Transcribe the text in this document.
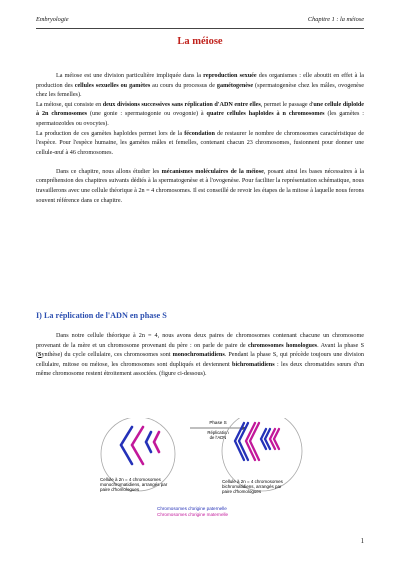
Embryologie	Chapitre 1 : la méiose
La méiose

La méiose est une division particulière impliquée dans la reproduction sexuée des organismes : elle aboutit en effet à la production des cellules sexuelles ou gamètes au cours du processus de gamétogenèse (spermatogenèse chez les mâles, ovogenèse chez les femelles).

La méiose, qui consiste en deux divisions successives sans réplication d'ADN entre elles, permet le passage d'une cellule diploïde à 2n chromosomes (une gonie : spermatogonie ou ovogonie) à quatre cellules haploïdes à n chromosomes (les gamètes : spermatozoïdes ou ovocytes).

La production de ces gamètes haploïdes permet lors de la fécondation de restaurer le nombre de chromosomes caractéristique de l'espèce. Pour l'espèce humaine, les gamètes mâles et femelles, contenant chacun 23 chromosomes, fusionnent pour donner une cellule-œuf à 46 chromosomes.

Dans ce chapitre, nous allons étudier les mécanismes moléculaires de la méiose, posant ainsi les bases nécessaires à la compréhension des chapitres suivants dédiés à la spermatogenèse et à l'ovogenèse. Pour faciliter la représentation schématique, nous travaillerons avec une cellule théorique à 2n = 4 chromosomes. Il est conseillé de revoir les étapes de la mitose à laquelle nous ferons souvent référence dans ce chapitre.

I) La réplication de l'ADN en phase S

Dans notre cellule théorique à 2n = 4, nous avons deux paires de chromosomes contenant chacune un chromosome provenant de la mère et un chromosome provenant du père : on parle de paire de chromosomes homologues. Avant la phase S (Synthèse) du cycle cellulaire, ces chromosomes sont monochromatidiens. Pendant la phase S, qui précède toujours une division cellulaire, mitose ou méiose, les chromosomes sont dupliqués et deviennent bichromatidiens : les deux chromatides sœurs d'un même chromosome restent étroitement associées. (figure ci-dessous).

Phase S
Réplication
de l'ADN
Cellule à 2n = 4 chromosomes
monochromatidiens, arrangés par
paire d'homologues
Cellule à 2n = 4 chromosomes
bichromatidiens, arrangés par
paire d'homologues
Chromosomes d'origine paternelle
Chromosomes d'origine maternelle
1
